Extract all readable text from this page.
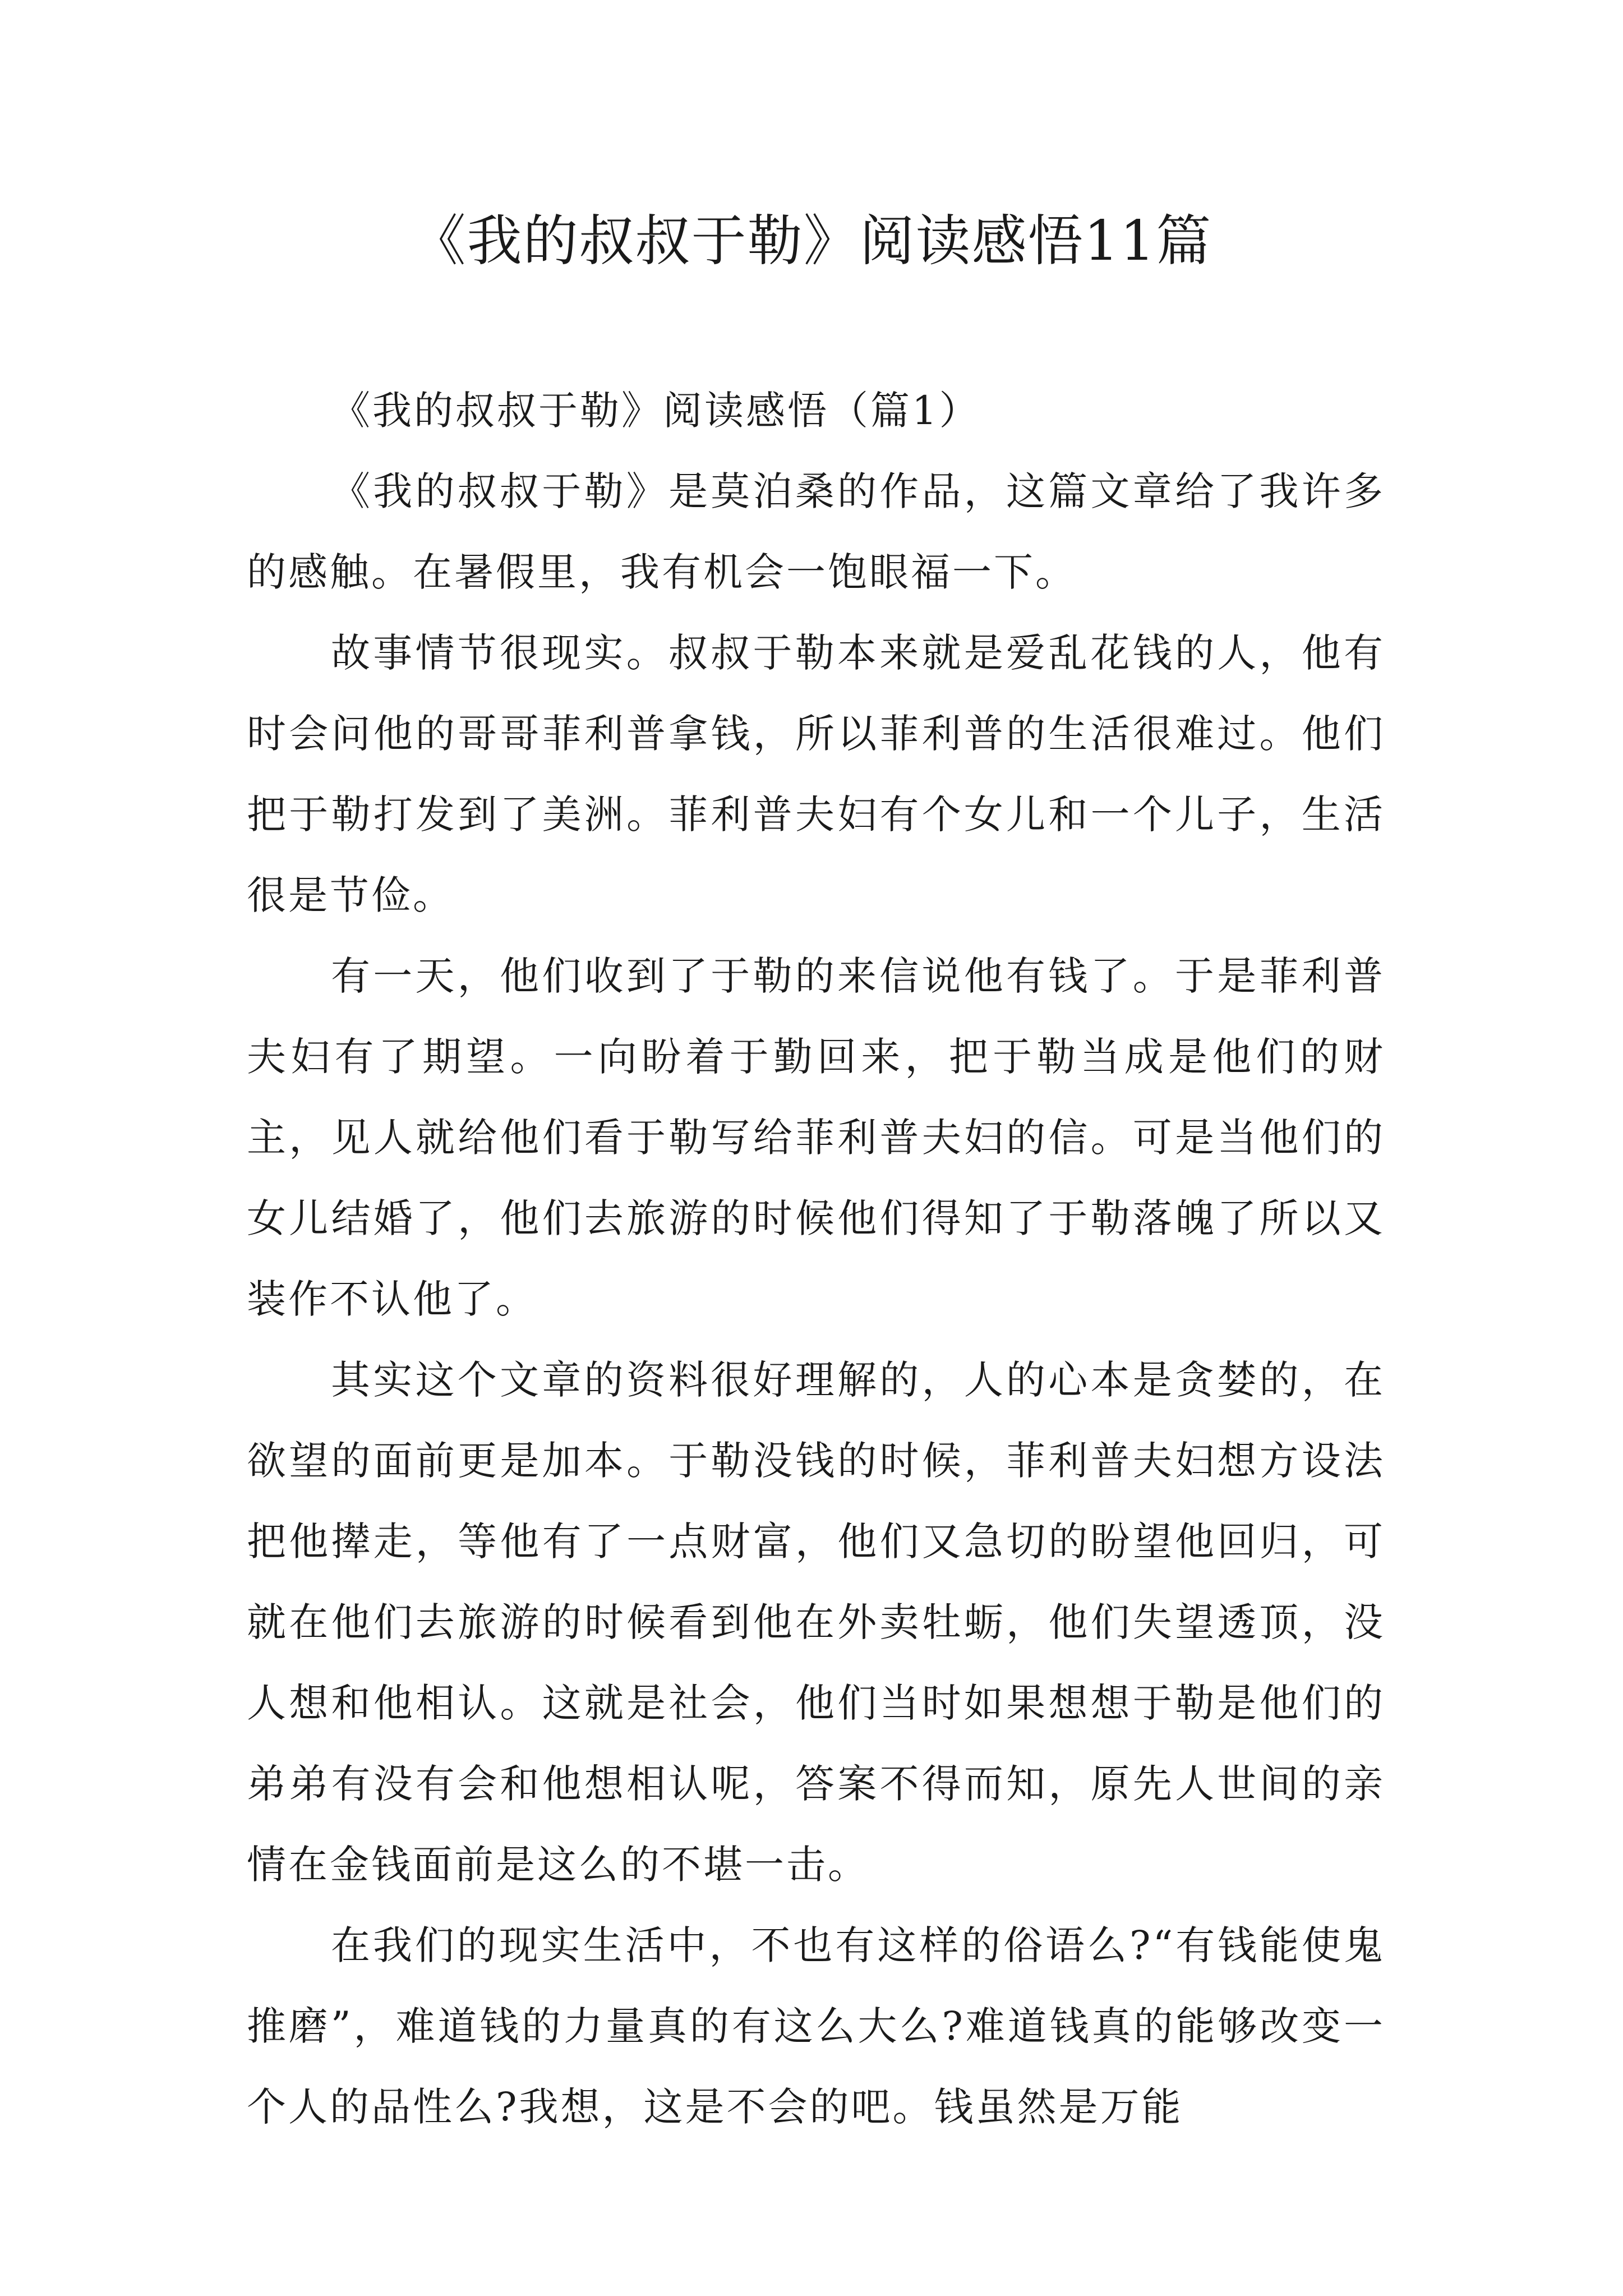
《我的叔叔于勒》阅读感悟11篇

《我的叔叔于勒》阅读感悟（篇1）

《我的叔叔于勒》是莫泊桑的作品，这篇文章给了我许多的感触。在暑假里，我有机会一饱眼福一下。

故事情节很现实。叔叔于勒本来就是爱乱花钱的人，他有时会问他的哥哥菲利普拿钱，所以菲利普的生活很难过。他们把于勒打发到了美洲。菲利普夫妇有个女儿和一个儿子，生活很是节俭。

有一天，他们收到了于勒的来信说他有钱了。于是菲利普夫妇有了期望。一向盼着于勤回来，把于勒当成是他们的财主，见人就给他们看于勒写给菲利普夫妇的信。可是当他们的女儿结婚了，他们去旅游的时候他们得知了于勒落魄了所以又装作不认他了。

其实这个文章的资料很好理解的，人的心本是贪婪的，在欲望的面前更是加本。于勒没钱的时候，菲利普夫妇想方设法把他撵走，等他有了一点财富，他们又急切的盼望他回归，可就在他们去旅游的时候看到他在外卖牡蛎，他们失望透顶，没人想和他相认。这就是社会，他们当时如果想想于勒是他们的弟弟有没有会和他想相认呢，答案不得而知，原先人世间的亲情在金钱面前是这么的不堪一击。

在我们的现实生活中，不也有这样的俗语么?“有钱能使鬼推磨”，难道钱的力量真的有这么大么?难道钱真的能够改变一个人的品性么?我想，这是不会的吧。钱虽然是万能
